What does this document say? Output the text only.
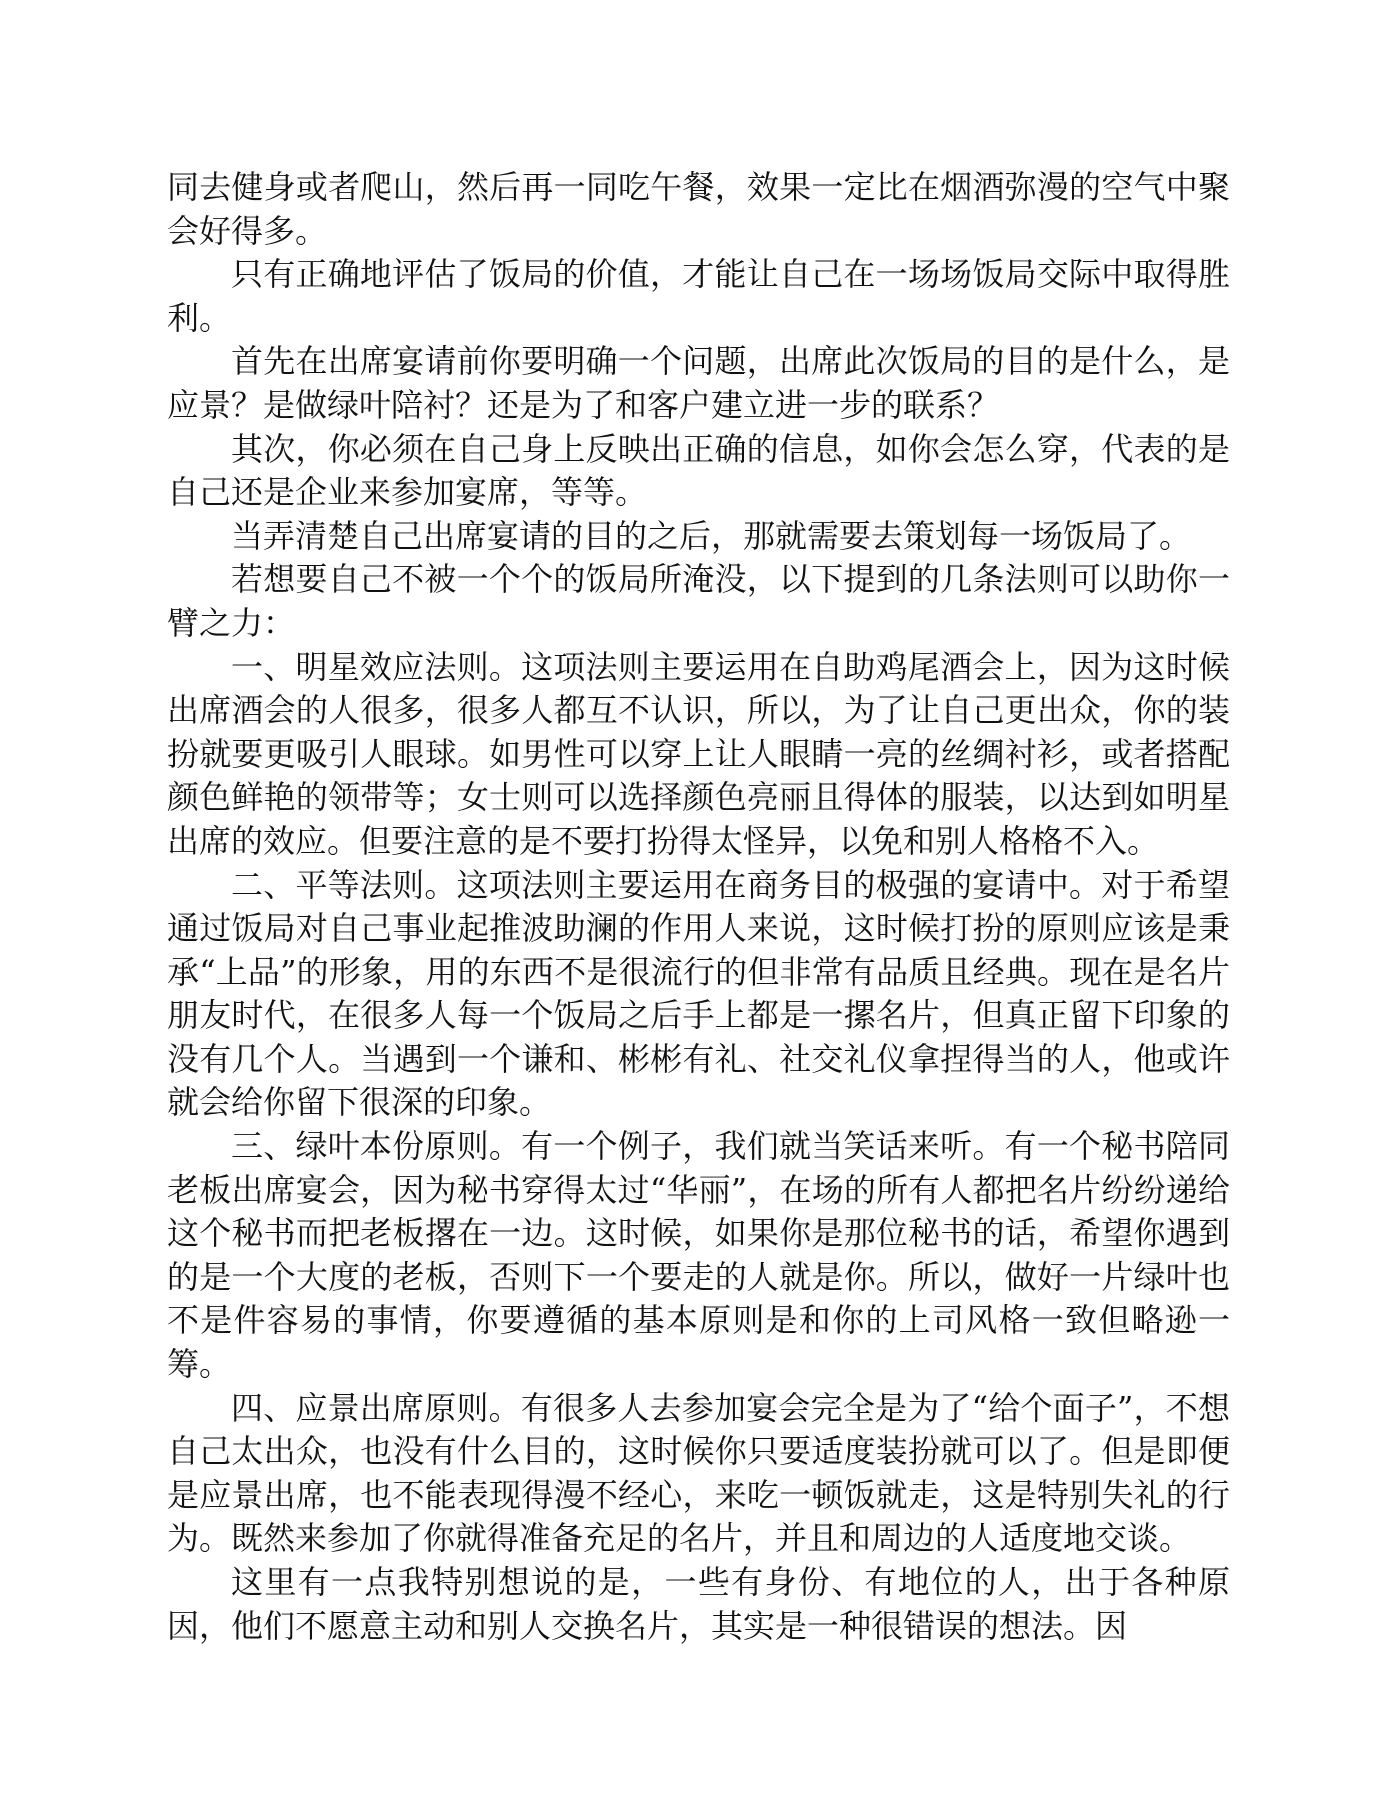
同去健身或者爬山，然后再一同吃午餐，效果一定比在烟酒弥漫的空气中聚会好得多。

只有正确地评估了饭局的价值，才能让自己在一场场饭局交际中取得胜利。

首先在出席宴请前你要明确一个问题，出席此次饭局的目的是什么，是应景？是做绿叶陪衬？还是为了和客户建立进一步的联系？

其次，你必须在自己身上反映出正确的信息，如你会怎么穿，代表的是自己还是企业来参加宴席，等等。

当弄清楚自己出席宴请的目的之后，那就需要去策划每一场饭局了。

若想要自己不被一个个的饭局所淹没，以下提到的几条法则可以助你一臂之力：

一、明星效应法则。这项法则主要运用在自助鸡尾酒会上，因为这时候出席酒会的人很多，很多人都互不认识，所以，为了让自己更出众，你的装扮就要更吸引人眼球。如男性可以穿上让人眼睛一亮的丝绸衬衫，或者搭配颜色鲜艳的领带等；女士则可以选择颜色亮丽且得体的服装，以达到如明星出席的效应。但要注意的是不要打扮得太怪异，以免和别人格格不入。

二、平等法则。这项法则主要运用在商务目的极强的宴请中。对于希望通过饭局对自己事业起推波助澜的作用人来说，这时候打扮的原则应该是秉承“上品”的形象，用的东西不是很流行的但非常有品质且经典。现在是名片朋友时代，在很多人每一个饭局之后手上都是一摞名片，但真正留下印象的没有几个人。当遇到一个谦和、彬彬有礼、社交礼仪拿捏得当的人，他或许就会给你留下很深的印象。

三、绿叶本份原则。有一个例子，我们就当笑话来听。有一个秘书陪同老板出席宴会，因为秘书穿得太过“华丽”，在场的所有人都把名片纷纷递给这个秘书而把老板撂在一边。这时候，如果你是那位秘书的话，希望你遇到的是一个大度的老板，否则下一个要走的人就是你。所以，做好一片绿叶也不是件容易的事情，你要遵循的基本原则是和你的上司风格一致但略逊一筹。

四、应景出席原则。有很多人去参加宴会完全是为了“给个面子”，不想自己太出众，也没有什么目的，这时候你只要适度装扮就可以了。但是即便是应景出席，也不能表现得漫不经心，来吃一顿饭就走，这是特别失礼的行为。既然来参加了你就得准备充足的名片，并且和周边的人适度地交谈。

这里有一点我特别想说的是，一些有身份、有地位的人，出于各种原因，他们不愿意主动和别人交换名片，其实是一种很错误的想法。因
